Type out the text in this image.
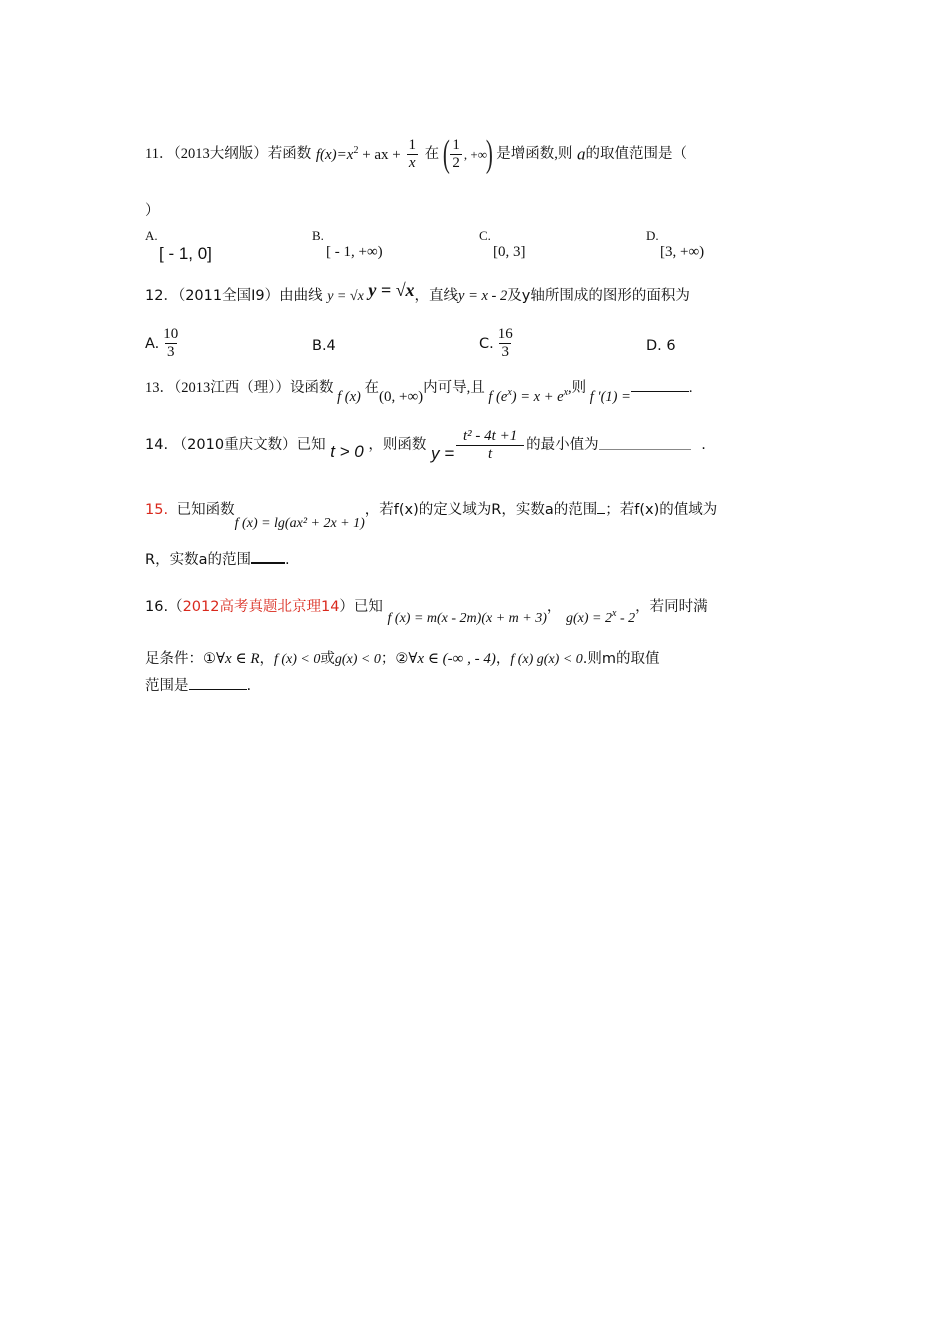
11．（2013大纲版）若函数 $f(x)=x^2$ + ax + $\frac{1}{x}$ 在 ( $\frac{1}{2}$ , +∞) 是增函数,则 a的取值范围是（
）
A.
[ - 1, 0]
B.
[ - 1, +∞)
C.
[0, 3]
D.
[3, +∞)
12．（2011全国Ⅰ9）由曲线 y = √x y = √x，直线y = x - 2及y轴所围成的图形的面积为
A. $\frac{10}{3}$	B.4	C. $\frac{16}{3}$	D. 6
13．（2013江西（理））设函数 f (x) 在(0, +∞)内可导,且 f $(e^x) = x + e^x$,则 f ′(1) =.
14. （2010重庆文数）已知 t > 0 ，则函数 $y = \frac{\text{t² - 4t +1}}{t}$ 的最小值为	.
15. 已知函数f (x) = lg(ax² + 2x + 1)，若f(x)的定义域为R，实数a的范围 ；若f(x)的值域为
R，实数a的范围 .
16.（2012高考真题北京理14）已知 f (x) = m(x - 2m)(x + m + 3)， $g(x) = 2^x - 2$，若同时满
足条件：①∀x ∈ R，f (x) < 0或g(x) < 0；②∀x ∈ (-∞ , - 4)，f (x) g(x) < 0.则m的取值
范围是	.
